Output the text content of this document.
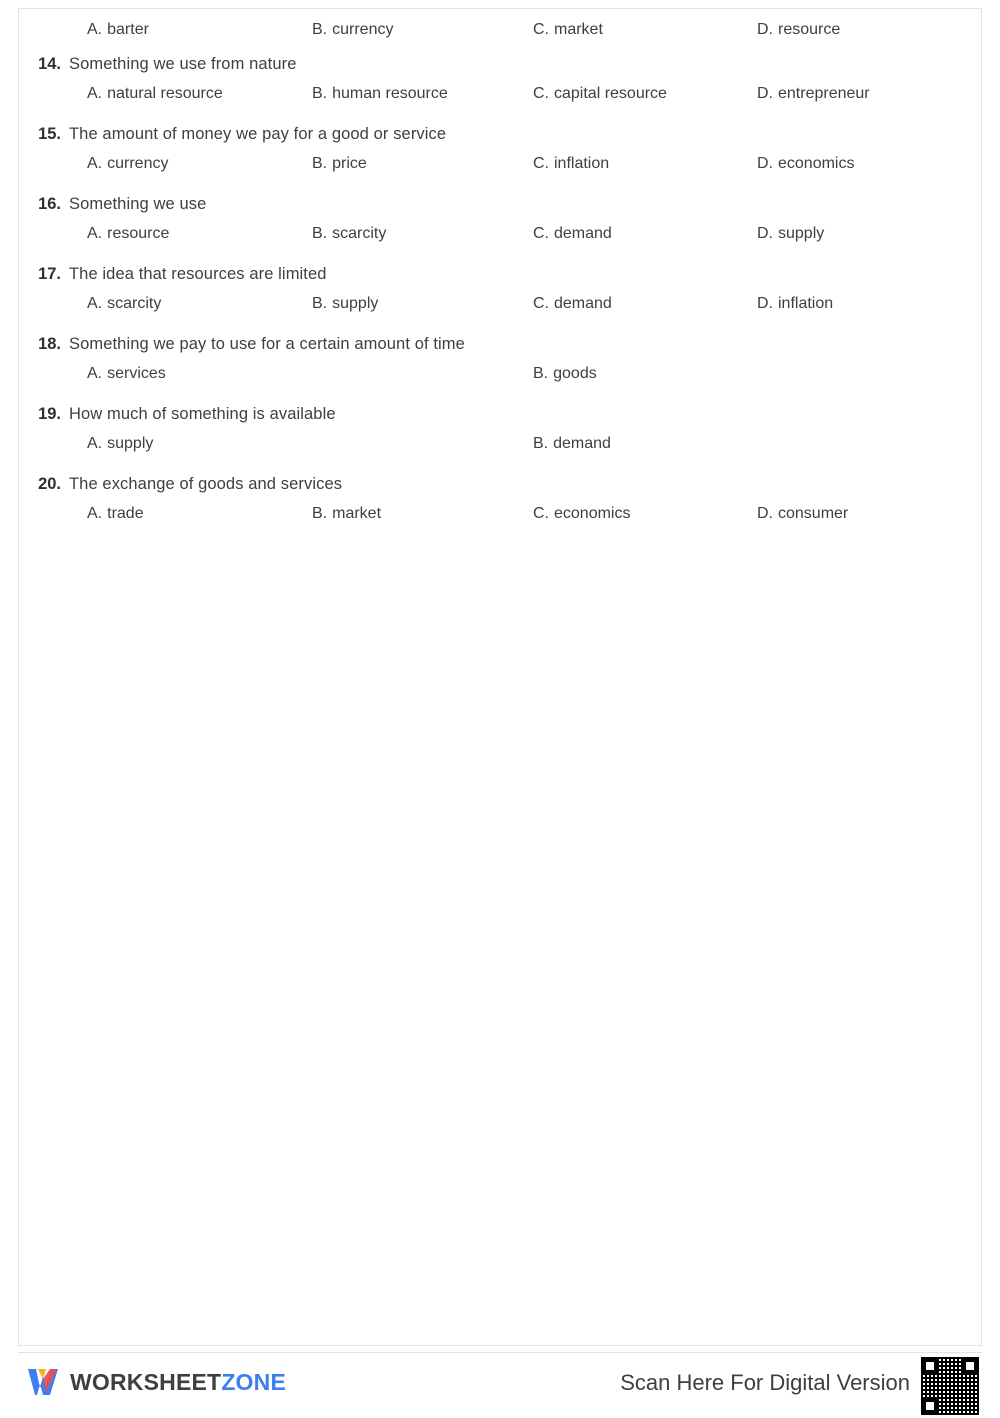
A. barter	B. currency	C. market	D. resource
14. Something we use from nature
A. natural resource	B. human resource	C. capital resource	D. entrepreneur
15. The amount of money we pay for a good or service
A. currency	B. price	C. inflation	D. economics
16. Something we use
A. resource	B. scarcity	C. demand	D. supply
17. The idea that resources are limited
A. scarcity	B. supply	C. demand	D. inflation
18. Something we pay to use for a certain amount of time
A. services	B. goods
19. How much of something is available
A. supply	B. demand
20. The exchange of goods and services
A. trade	B. market	C. economics	D. consumer
WORKSHEETZONE	Scan Here For Digital Version
